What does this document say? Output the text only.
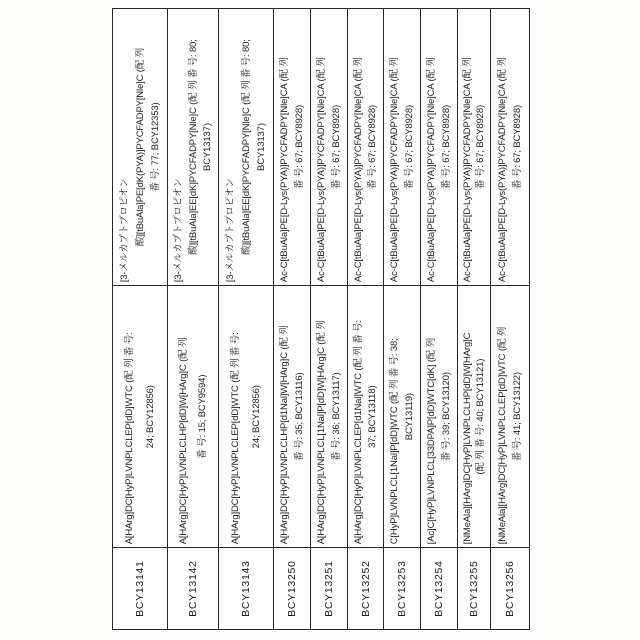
BCY13141
A[HArg]DC[HyP]LVNPLCLEP[dD]WTC (配 列 番 号: 24; BCY12856)
[3-メルカプトプロピオン 酸][tBuAla]PE[dK(PYA)]PYCFADPY[Nle]C (配 列 番 号: 77; BCY12353)
BCY13142
A[HArg]DC[HyP]LVNPLCLHP[dD]W[HArg]C (配 列 番 号: 15; BCY9594)
[3-メルカプトプロピオン 酸][tBuAla]EE[dK]PYCFADPY[Nle]C (配 列 番 号: 80; BCY13137)
BCY13143
A[HArg]DC[HyP]LVNPLCLEP[dD]WTC (配 列 番 号: 24; BCY12856)
[3-メルカプトプロピオン 酸][tBuAla]EE[dK]PYCFADPY[Nle]C (配 列 番 号: 80; BCY13137)
BCY13250
A[HArg]DC[HyP]LVNPLCLHP[d1Nal]W[HArg]C (配 列 番 号: 35; BCY13116)
Ac-C[tBuAla]PE[D-Lys(PYA)]PYCFADPY[Nle]CA (配 列 番 号: 67; BCY8928)
BCY13251
A[HArg]DC[HyP]LVNPLCL[1Nal]P[dD]W[HArg]C (配 列 番 号: 36; BCY13117)
Ac-C[tBuAla]PE[D-Lys(PYA)]PYCFADPY[Nle]CA (配 列 番 号: 67; BCY8928)
BCY13252
A[HArg]DC[HyP]LVNPLCLEP[d1Nal]WTC (配 列 番 号: 37; BCY13118)
Ac-C[tBuAla]PE[D-Lys(PYA)]PYCFADPY[Nle]CA (配 列 番 号: 67; BCY8928)
BCY13253
C[HyP]LVNPLCL[1Nal]P[dD]WTC (配 列 番 号: 38; BCY13119)
Ac-C[tBuAla]PE[D-Lys(PYA)]PYCFADPY[Nle]CA (配 列 番 号: 67; BCY8928)
BCY13254
[Ac]C[HyP]LVNPLCL[33DPA]P[dD]WTC[dK] (配 列 番 号: 39; BCY13120)
Ac-C[tBuAla]PE[D-Lys(PYA)]PYCFADPY[Nle]CA (配 列 番 号: 67; BCY8928)
BCY13255
[NMeAla][HArg]DC[HyP]LVNPLCLHP[dD]W[HArg]C (配 列 番 号: 40; BCY13121)
Ac-C[tBuAla]PE[D-Lys(PYA)]PYCFADPY[Nle]CA (配 列 番 号: 67; BCY8928)
BCY13256
[NMeAla][HArg]DC[HyP]LVNPLCLEP[dD]WTC (配 列 番 号: 41; BCY13122)
Ac-C[tBuAla]PE[D-Lys(PYA)]PYCFADPY[Nle]CA (配 列 番 号: 67; BCY8928)
